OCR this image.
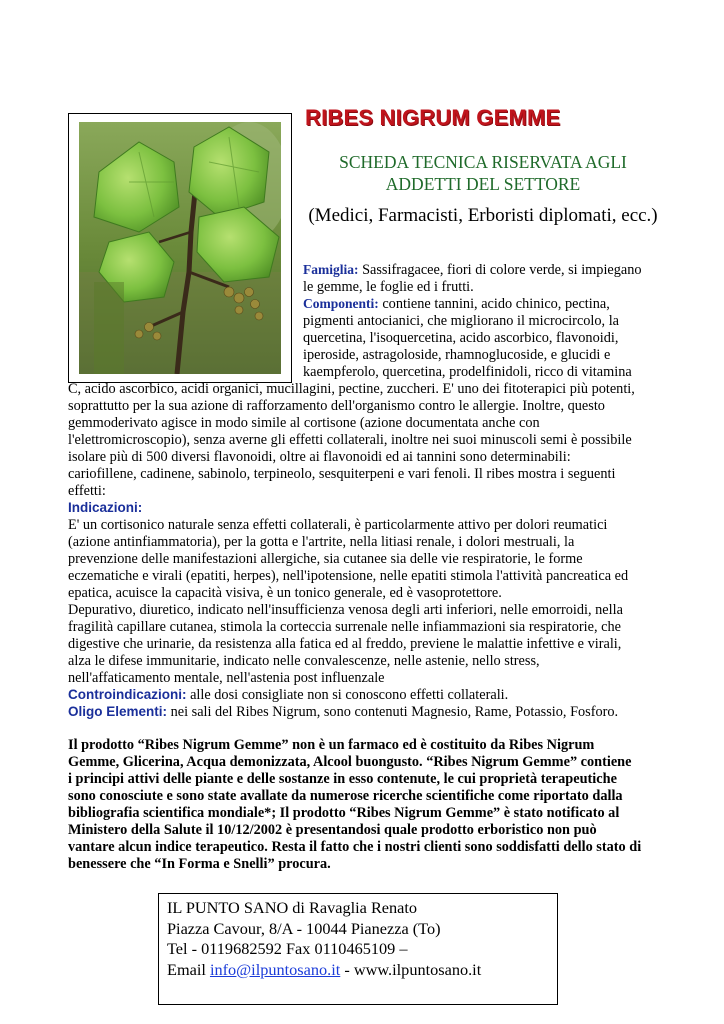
RIBES NIGRUM GEMME
SCHEDA TECNICA RISERVATA AGLI ADDETTI DEL SETTORE
(Medici, Farmacisti, Erboristi diplomati, ecc.)
Famiglia: Sassifragacee, fiori di colore verde, si impiegano
le gemme, le foglie ed i frutti.
Componenti: contiene tannini, acido chinico, pectina,
pigmenti antocianici, che migliorano il microcircolo, la
quercetina, l'isoquercetina, acido ascorbico, flavonoidi,
iperoside, astragoloside, rhamnoglucoside, e glucidi e
kaempferolo, quercetina, prodelfinidoli, ricco di vitamina
C, acido ascorbico, acidi organici, mucillagini, pectine, zuccheri. E' uno dei fitoterapici più potenti,
soprattutto per la sua azione di rafforzamento dell'organismo contro le allergie. Inoltre, questo
gemmoderivato agisce in modo simile al cortisone (azione documentata anche con
l'elettromicroscopio), senza averne gli effetti collaterali, inoltre nei suoi minuscoli semi è possibile
isolare più di 500 diversi flavonoidi, oltre ai flavonoidi ed ai tannini sono determinabili:
cariofillene, cadinene, sabinolo, terpineolo, sesquiterpeni e vari fenoli. Il ribes mostra i seguenti
effetti:
Indicazioni:
E' un cortisonico naturale senza effetti collaterali, è particolarmente attivo per dolori reumatici
(azione antinfiammatoria), per la gotta e l'artrite, nella litiasi renale, i dolori mestruali, la
prevenzione delle manifestazioni allergiche, sia cutanee sia delle vie respiratorie, le forme
eczematiche e virali (epatiti, herpes), nell'ipotensione, nelle epatiti stimola l'attività pancreatica ed
epatica, acuisce la capacità visiva, è un tonico generale, ed è vasoprotettore.
Depurativo, diuretico, indicato nell'insufficienza venosa degli arti inferiori, nelle emorroidi, nella
fragilità capillare cutanea, stimola la corteccia surrenale nelle infiammazioni sia respiratorie, che
digestive che urinarie, da resistenza alla fatica ed al freddo, previene le malattie infettive e virali,
alza le difese immunitarie, indicato nelle convalescenze, nelle astenie, nello stress,
nell'affaticamento mentale, nell'astenia post influenzale
Controindicazioni: alle dosi consigliate non si conoscono effetti collaterali.
Oligo Elementi: nei sali del Ribes Nigrum, sono contenuti Magnesio, Rame, Potassio, Fosforo.
Il prodotto “Ribes Nigrum Gemme” non è un farmaco ed è costituito da Ribes Nigrum
Gemme, Glicerina, Acqua demonizzata, Alcool buongusto. “Ribes Nigrum Gemme” contiene
i principi attivi delle piante e delle sostanze in esso contenute, le cui proprietà terapeutiche
sono conosciute e sono state avallate da numerose ricerche scientifiche come riportato dalla
bibliografia scientifica mondiale*; Il prodotto “Ribes Nigrum Gemme” è stato notificato al
Ministero della Salute il 10/12/2002 è presentandosi quale prodotto erboristico non può
vantare alcun indice terapeutico. Resta il fatto che i nostri clienti sono soddisfatti dello stato di
benessere che “In Forma e Snelli” procura.
IL PUNTO SANO di Ravaglia Renato
Piazza Cavour, 8/A - 10044 Pianezza (To)
Tel - 0119682592 Fax 0110465109 –
Email info@ilpuntosano.it - www.ilpuntosano.it
